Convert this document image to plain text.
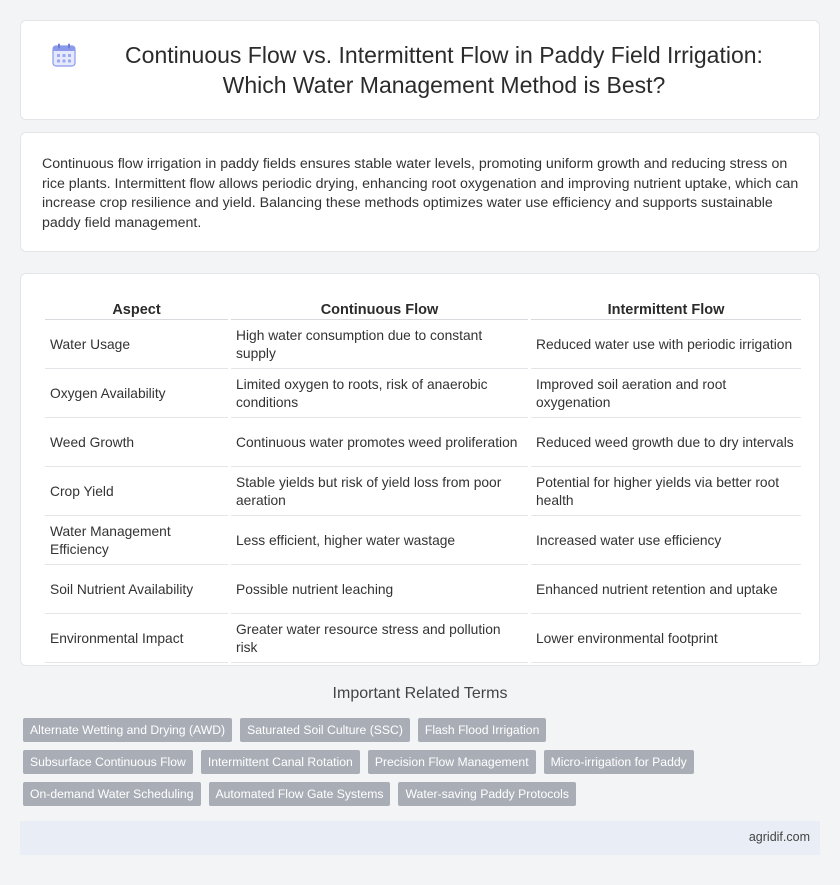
Continuous Flow vs. Intermittent Flow in Paddy Field Irrigation: Which Water Management Method is Best?

Continuous flow irrigation in paddy fields ensures stable water levels, promoting uniform growth and reducing stress on rice plants. Intermittent flow allows periodic drying, enhancing root oxygenation and improving nutrient uptake, which can increase crop resilience and yield. Balancing these methods optimizes water use efficiency and supports sustainable paddy field management.

Aspect	Continuous Flow	Intermittent Flow
Water Usage	High water consumption due to constant supply	Reduced water use with periodic irrigation
Oxygen Availability	Limited oxygen to roots, risk of anaerobic conditions	Improved soil aeration and root oxygenation
Weed Growth	Continuous water promotes weed proliferation	Reduced weed growth due to dry intervals
Crop Yield	Stable yields but risk of yield loss from poor aeration	Potential for higher yields via better root health
Water Management Efficiency	Less efficient, higher water wastage	Increased water use efficiency
Soil Nutrient Availability	Possible nutrient leaching	Enhanced nutrient retention and uptake
Environmental Impact	Greater water resource stress and pollution risk	Lower environmental footprint
Important Related Terms
Alternate Wetting and Drying (AWD)	Saturated Soil Culture (SSC)	Flash Flood Irrigation
Subsurface Continuous Flow	Intermittent Canal Rotation	Precision Flow Management	Micro-irrigation for Paddy
On-demand Water Scheduling	Automated Flow Gate Systems	Water-saving Paddy Protocols
agridif.com
